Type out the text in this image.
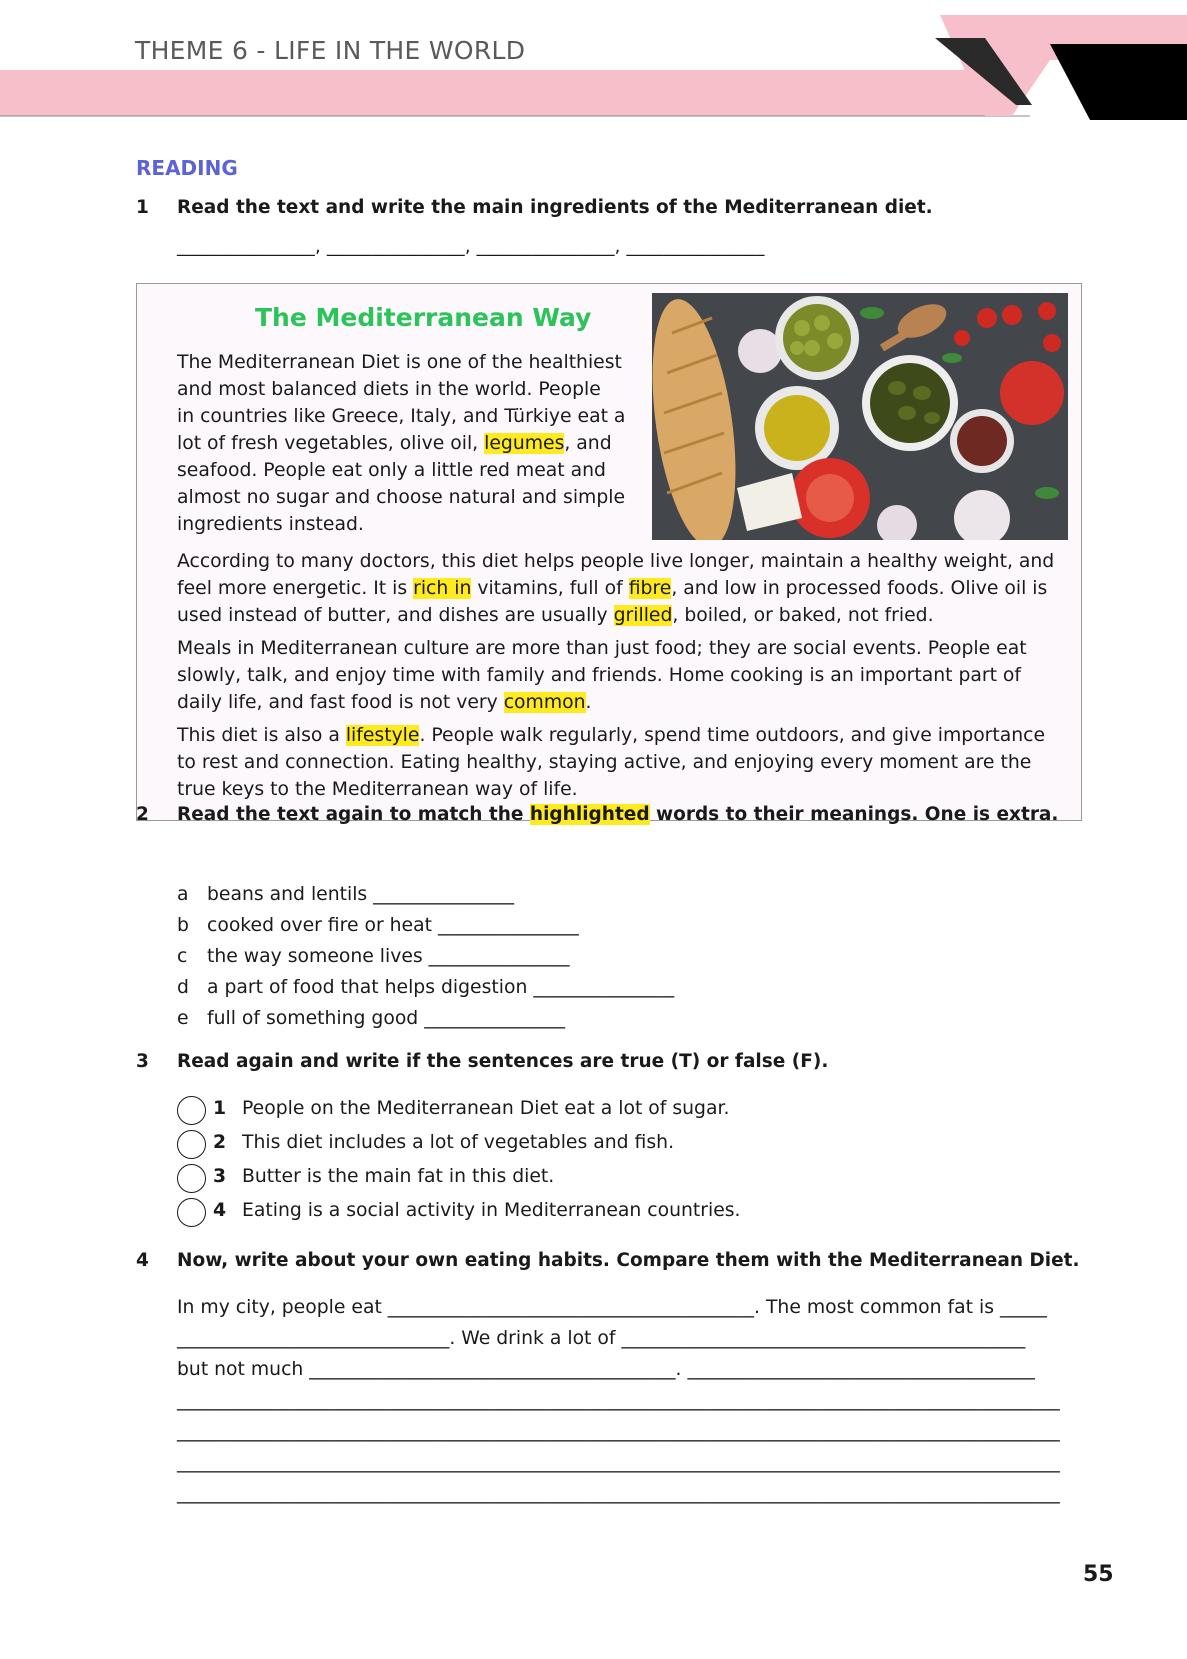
THEME 6 - LIFE IN THE WORLD
READING
1 Read the text and write the main ingredients of the Mediterranean diet.
_______________, _______________, _______________, _______________
The Mediterranean Way
The Mediterranean Diet is one of the healthiest
and most balanced diets in the world. People
in countries like Greece, Italy, and Türkiye eat a
lot of fresh vegetables, olive oil, legumes, and
seafood. People eat only a little red meat and
almost no sugar and choose natural and simple
ingredients instead.
According to many doctors, this diet helps people live longer, maintain a healthy weight, and
feel more energetic. It is rich in vitamins, full of fibre, and low in processed foods. Olive oil is
used instead of butter, and dishes are usually grilled, boiled, or baked, not fried.
Meals in Mediterranean culture are more than just food; they are social events. People eat
slowly, talk, and enjoy time with family and friends. Home cooking is an important part of
daily life, and fast food is not very common.
This diet is also a lifestyle. People walk regularly, spend time outdoors, and give importance
to rest and connection. Eating healthy, staying active, and enjoying every moment are the
true keys to the Mediterranean way of life.
2 Read the text again to match the highlighted words to their meanings. One is extra.
a beans and lentils _______________
b cooked over fire or heat _______________
c the way someone lives _______________
d a part of food that helps digestion _______________
e full of something good _______________
3 Read again and write if the sentences are true (T) or false (F).
1 People on the Mediterranean Diet eat a lot of sugar.
2 This diet includes a lot of vegetables and fish.
3 Butter is the main fat in this diet.
4 Eating is a social activity in Mediterranean countries.
4 Now, write about your own eating habits. Compare them with the Mediterranean Diet.
In my city, people eat _______________________________________. The most common fat is _____
_____________________________. We drink a lot of ___________________________________________
but not much _______________________________________. _____________________________________
______________________________________________________________________________________________
______________________________________________________________________________________________
______________________________________________________________________________________________
______________________________________________________________________________________________
55
